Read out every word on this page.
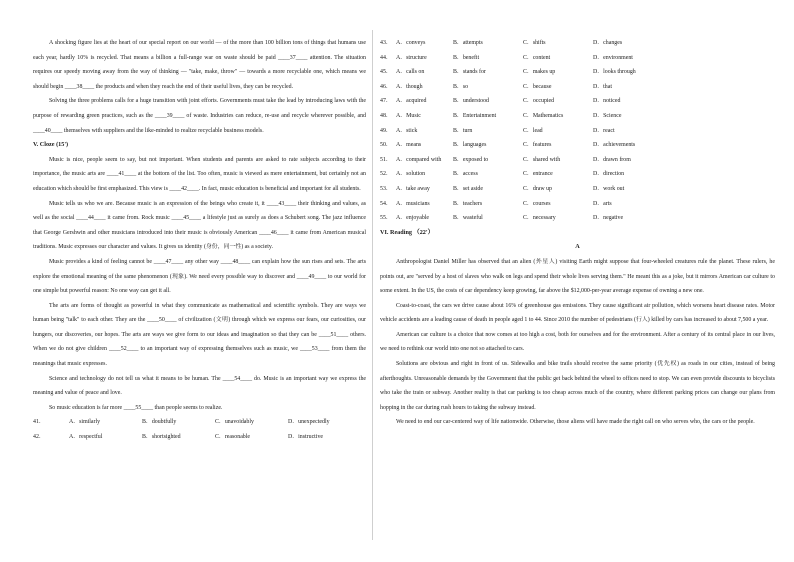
A shocking figure lies at the heart of our special report on our world — of the more than 100 billion tons of things that humans use each year, hardly 10% is recycled. That means a billion a full-range war on waste should be paid ____37____ attention. The situation requires our speedy moving away from the way of thinking — "take, make, throw" — towards a more recyclable one, which means we should begin ____38____ the products and when they reach the end of their useful lives, they can be recycled.

Solving the three problems calls for a huge transition with joint efforts. Governments must take the lead by introducing laws with the purpose of rewarding green practices, such as the ____39____ of waste. Industries can reduce, re-use and recycle wherever possible, and ____40____ themselves with suppliers and the like-minded to realize recyclable business models.

V. Cloze (15')

Music is nice, people seem to say, but not important. When students and parents are asked to rate subjects according to their importance, the music arts are ____41____ at the bottom of the list. Too often, music is viewed as mere entertainment, but certainly not an education which should be first emphasized. This view is ____42____. In fact, music education is beneficial and important for all students.

Music tells us who we are. Because music is an expression of the beings who create it, it ____43____ their thinking and values, as well as the social ____44____ it came from. Rock music ____45____ a lifestyle just as surely as does a Schubert song. The jazz influence that George Gershwin and other musicians introduced into their music is obviously American ____46____ it came from American musical traditions. Music expresses our character and values. It gives us identity (身份，同一性) as a society.

Music provides a kind of feeling cannot be ____47____ any other way ____48____ can explain how the sun rises and sets. The arts explore the emotional meaning of the same phenomenon (现象). We need every possible way to discover and ____49____ to our world for one simple but powerful reason: No one way can get it all.

The arts are forms of thought as powerful in what they communicate as mathematical and scientific symbols. They are ways we human being "talk" to each other. They are the ____50____ of civilization (文明) through which we express our fears, our curiosities, our hungers, our discoveries, our hopes. The arts are ways we give form to our ideas and imagination so that they can be ____51____ others. When we do not give children ____52____ to an important way of expressing themselves such as music, we ____53____ from them the meanings that music expresses.

Science and technology do not tell us what it means to be human. The ____54____ do. Music is an important way we express the meaning and value of peace and love.

So music education is far more ____55____ than people seems to realize.

41．	A．similarly	B．doubtfully	C．unavoidably	D．unexpectedly
42．	A．respectful	B．shortsighted	C．reasonable	D．instructive
43． A．conveys	B．attempts	C．shifts	D．changes
44． A．structure	B．benefit	C．content	D．environment
45． A．calls on	B．stands for	C．makes up	D．looks through
46． A．though	B．so	C．because	D．that
47． A．acquired	B．understood	C．occupied	D．noticed
48． A．Music	B．Entertainment	C．Mathematics	D．Science
49． A．stick	B．turn	C．lead	D．react
50． A．means	B．languages	C．features	D．achievements
51． A．compared with	B．exposed to	C．shared with	D．drawn from
52． A．solution	B．access	C．entrance	D．direction
53． A．take away	B．set aside	C．draw up	D．work out
54． A．musicians	B．teachers	C．courses	D．arts
55． A．enjoyable	B．wasteful	C．necessary	D．negative

VI. Reading （22'）

A

Anthropologist Daniel Miller has observed that an alien (外星人) visiting Earth might suppose that four-wheeled creatures rule the planet. These rulers, he points out, are "served by a host of slaves who walk on legs and spend their whole lives serving them." He meant this as a joke, but it mirrors American car culture to some extent. In the US, the costs of car dependency keep growing, far above the $12,000-per-year average expense of owning a new one.

Coast-to-coast, the cars we drive cause about 16% of greenhouse gas emissions. They cause significant air pollution, which worsens heart disease rates. Motor vehicle accidents are a leading cause of death in people aged 1 to 44. Since 2010 the number of pedestrians (行人) killed by cars has increased to about 7,500 a year.

American car culture is a choice that now comes at too high a cost, both for ourselves and for the environment. After a century of its central place in our lives, we need to rethink our world into one not so attached to cars.

Solutions are obvious and right in front of us. Sidewalks and bike trails should receive the same priority (优先权) as roads in our cities, instead of being afterthoughts. Unreasonable demands by the Government that the public get back behind the wheel to offices need to stop. We can even provide discounts to bicyclists who take the train or subway. Another reality is that car parking is too cheap across much of the country, where different parking prices can change our plans from hopping in the car during rush hours to taking the subway instead.

We need to end our car-centered way of life nationwide. Otherwise, those aliens will have made the right call on who serves who, the cars or the people.
